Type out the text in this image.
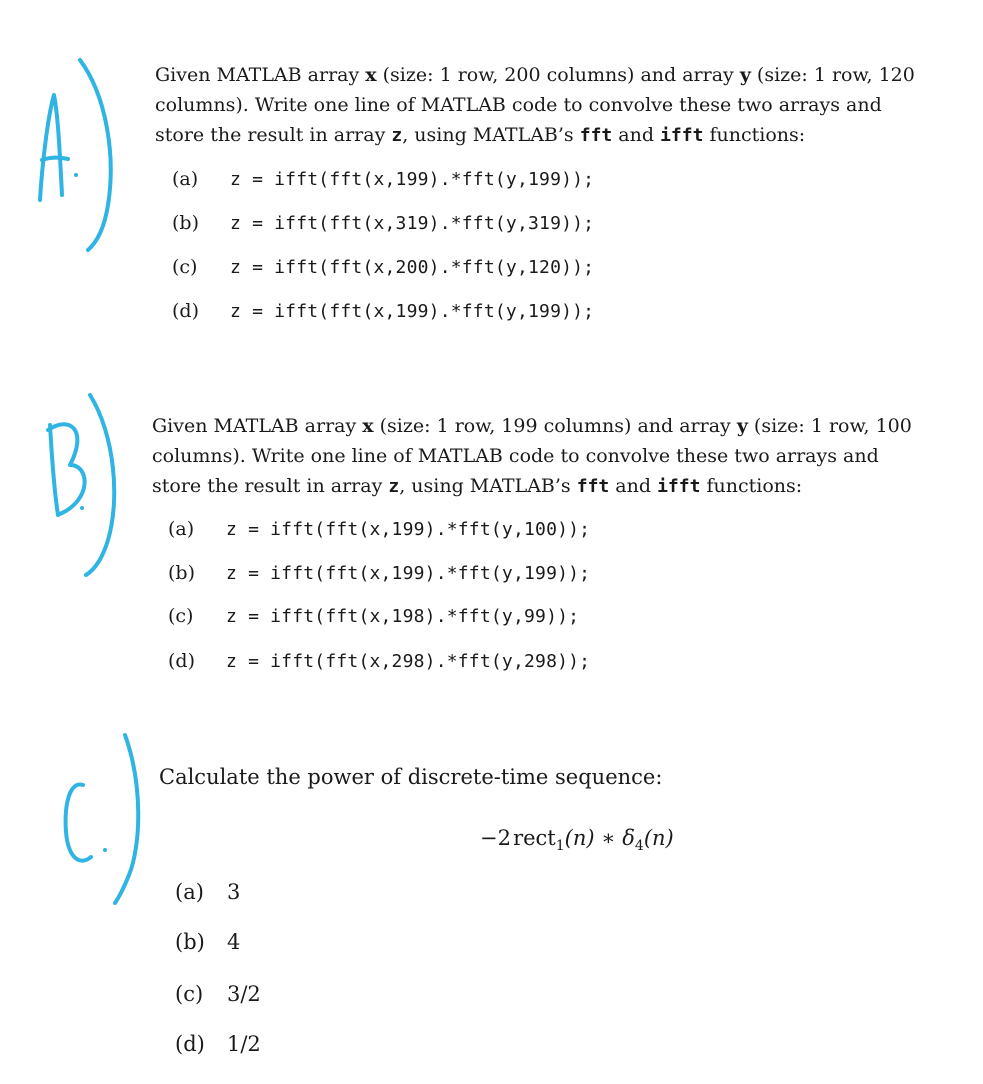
Given MATLAB array x (size: 1 row, 200 columns) and array y (size: 1 row, 120 columns). Write one line of MATLAB code to convolve these two arrays and store the result in array z, using MATLAB’s fft and ifft functions:
(a)	z = ifft(fft(x,199).*fft(y,199));
(b)	z = ifft(fft(x,319).*fft(y,319));
(c)	z = ifft(fft(x,200).*fft(y,120));
(d)	z = ifft(fft(x,199).*fft(y,199));
Given MATLAB array x (size: 1 row, 199 columns) and array y (size: 1 row, 100 columns). Write one line of MATLAB code to convolve these two arrays and store the result in array z, using MATLAB’s fft and ifft functions:
(a)	z = ifft(fft(x,199).*fft(y,100));
(b)	z = ifft(fft(x,199).*fft(y,199));
(c)	z = ifft(fft(x,198).*fft(y,99));
(d)	z = ifft(fft(x,298).*fft(y,298));
Calculate the power of discrete-time sequence:
−2 rect$_1$(n) ∗ $\delta_4(n)$
(a) 3
(b) 4
(c) 3/2
(d) 1/2
